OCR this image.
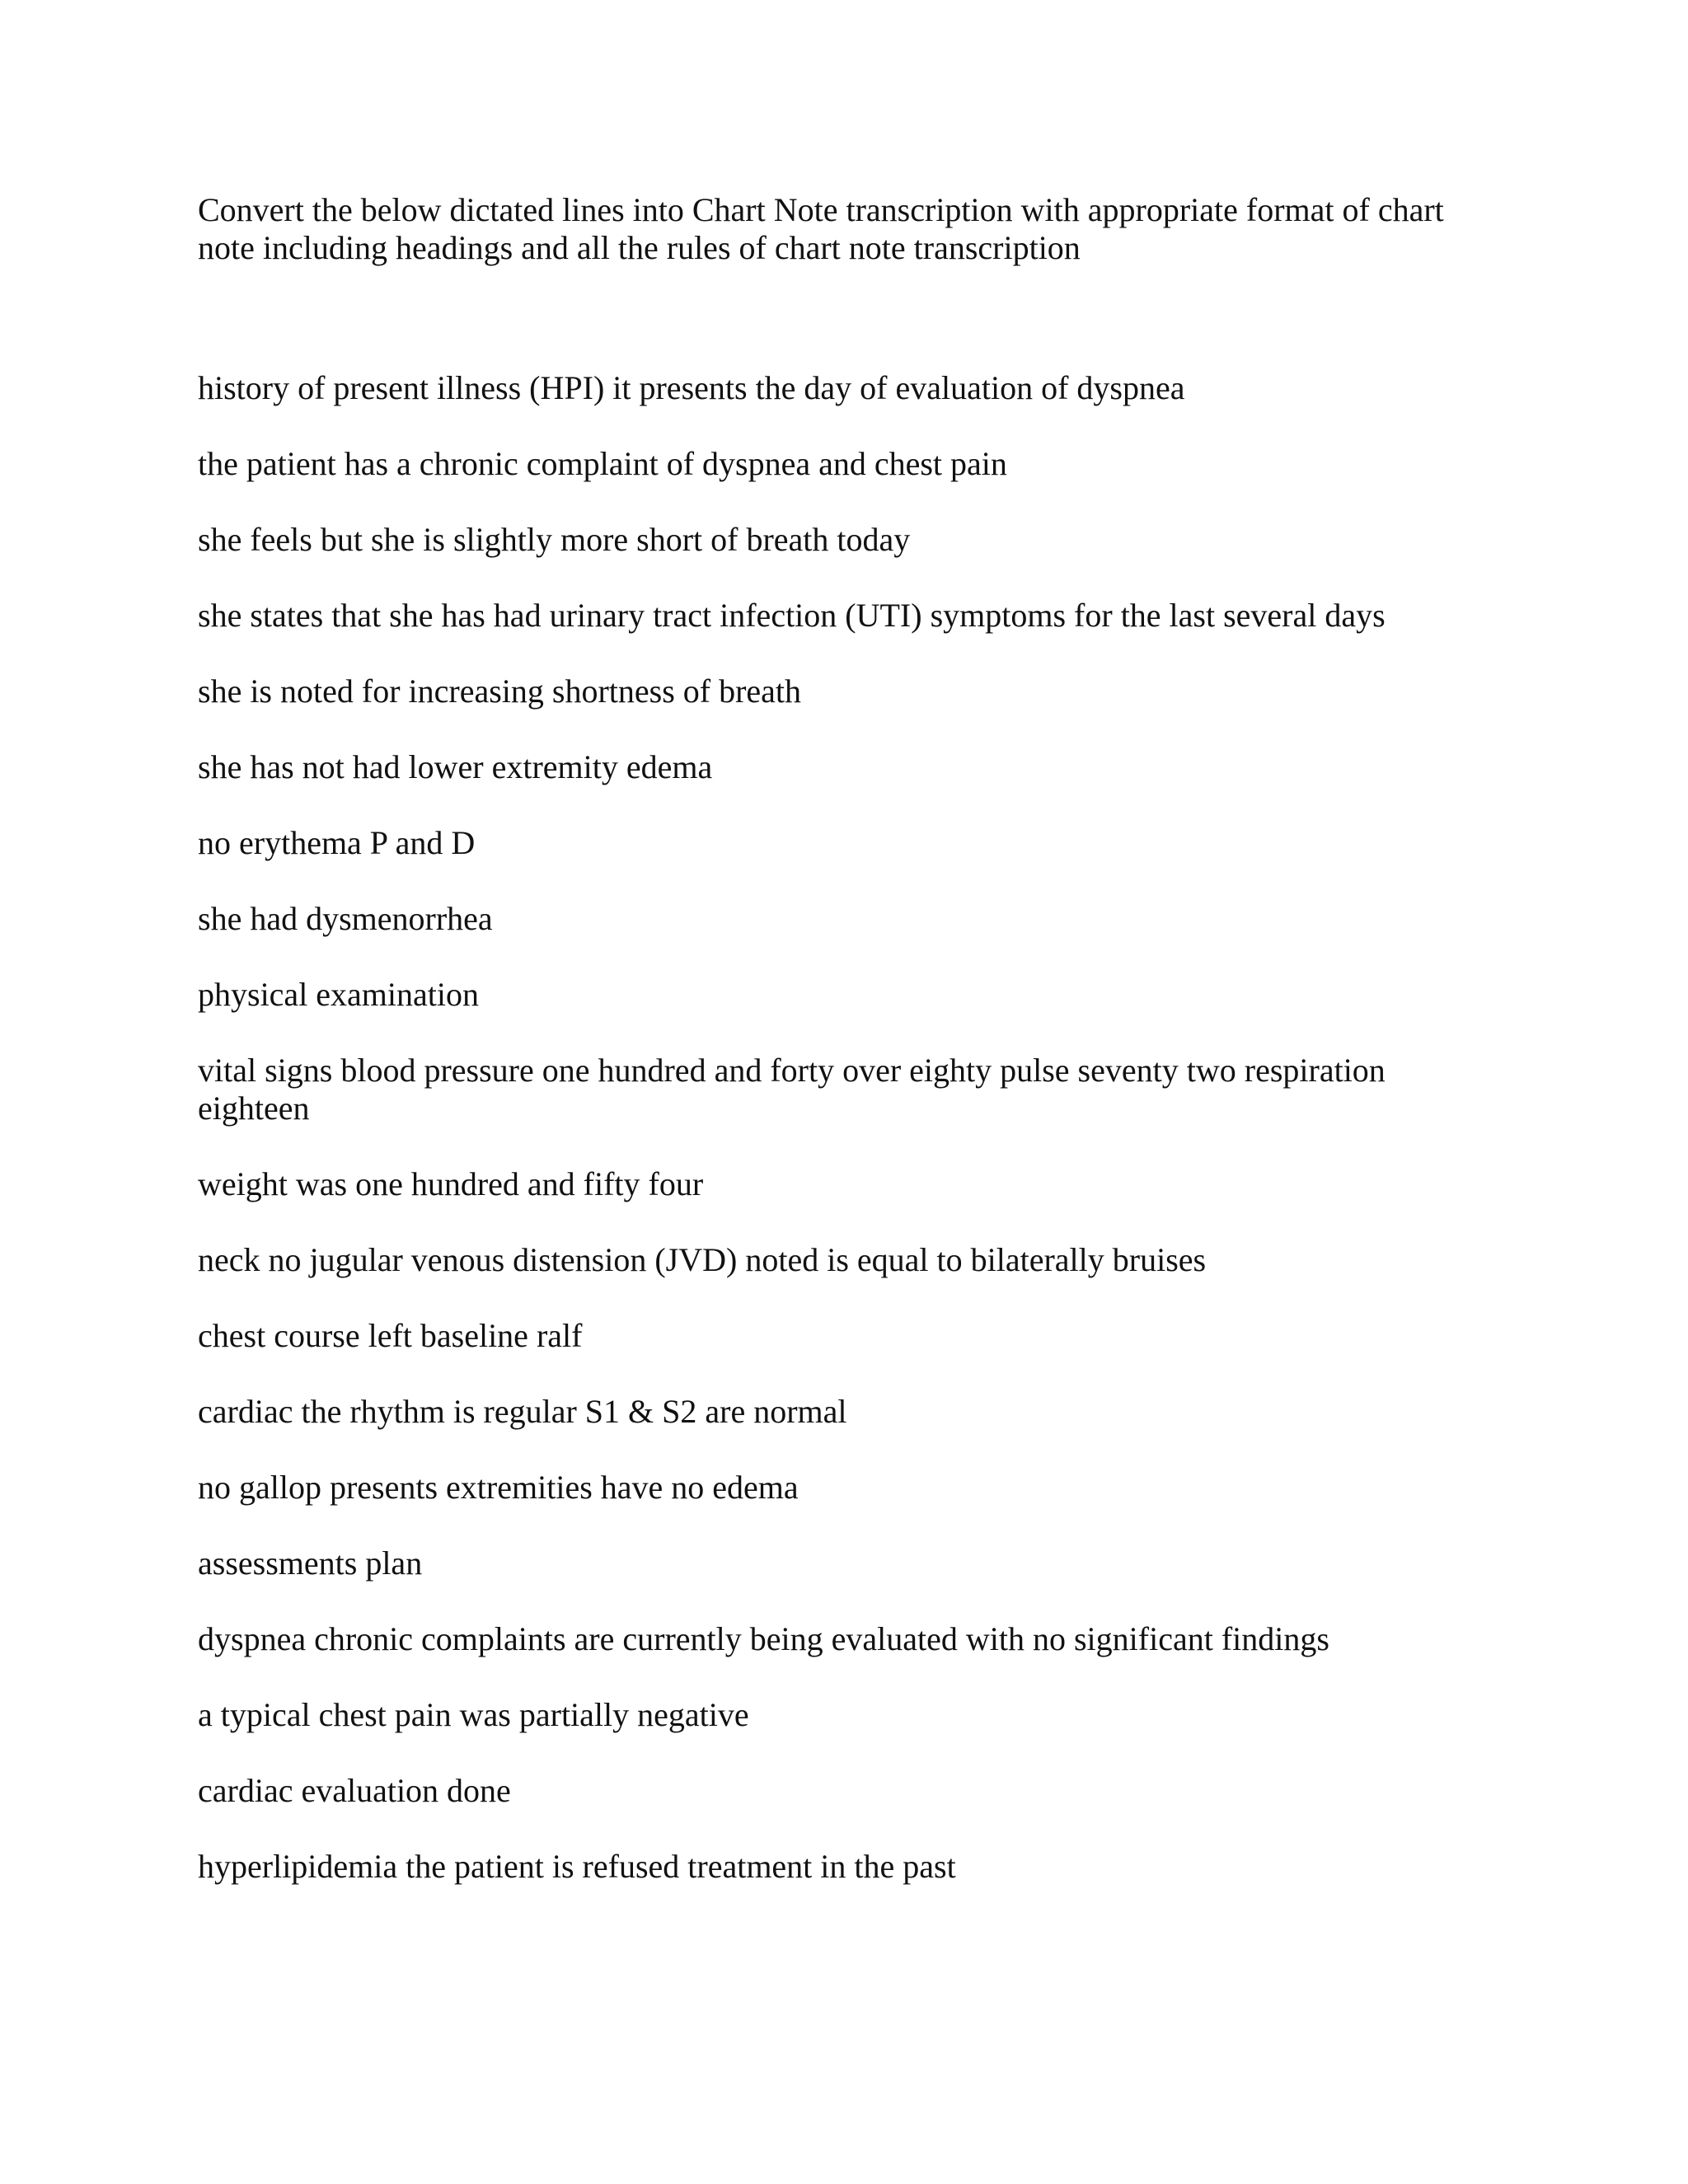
Convert the below dictated lines into Chart Note transcription with appropriate format of chart note including headings and all the rules of chart note transcription

history of present illness (HPI) it presents the day of evaluation of dyspnea
the patient has a chronic complaint of dyspnea and chest pain
she feels but she is slightly more short of breath today
she states that she has had urinary tract infection (UTI) symptoms for the last several days
she is noted for increasing shortness of breath
she has not had lower extremity edema
no erythema P and D
she had dysmenorrhea
physical examination
vital signs blood pressure one hundred and forty over eighty pulse seventy two respiration eighteen
weight was one hundred and fifty four
neck no jugular venous distension (JVD) noted is equal to bilaterally bruises
chest course left baseline ralf
cardiac the rhythm is regular S1 & S2 are normal
no gallop presents extremities have no edema
assessments plan
dyspnea chronic complaints are currently being evaluated with no significant findings
a typical chest pain was partially negative
cardiac evaluation done
hyperlipidemia the patient is refused treatment in the past
